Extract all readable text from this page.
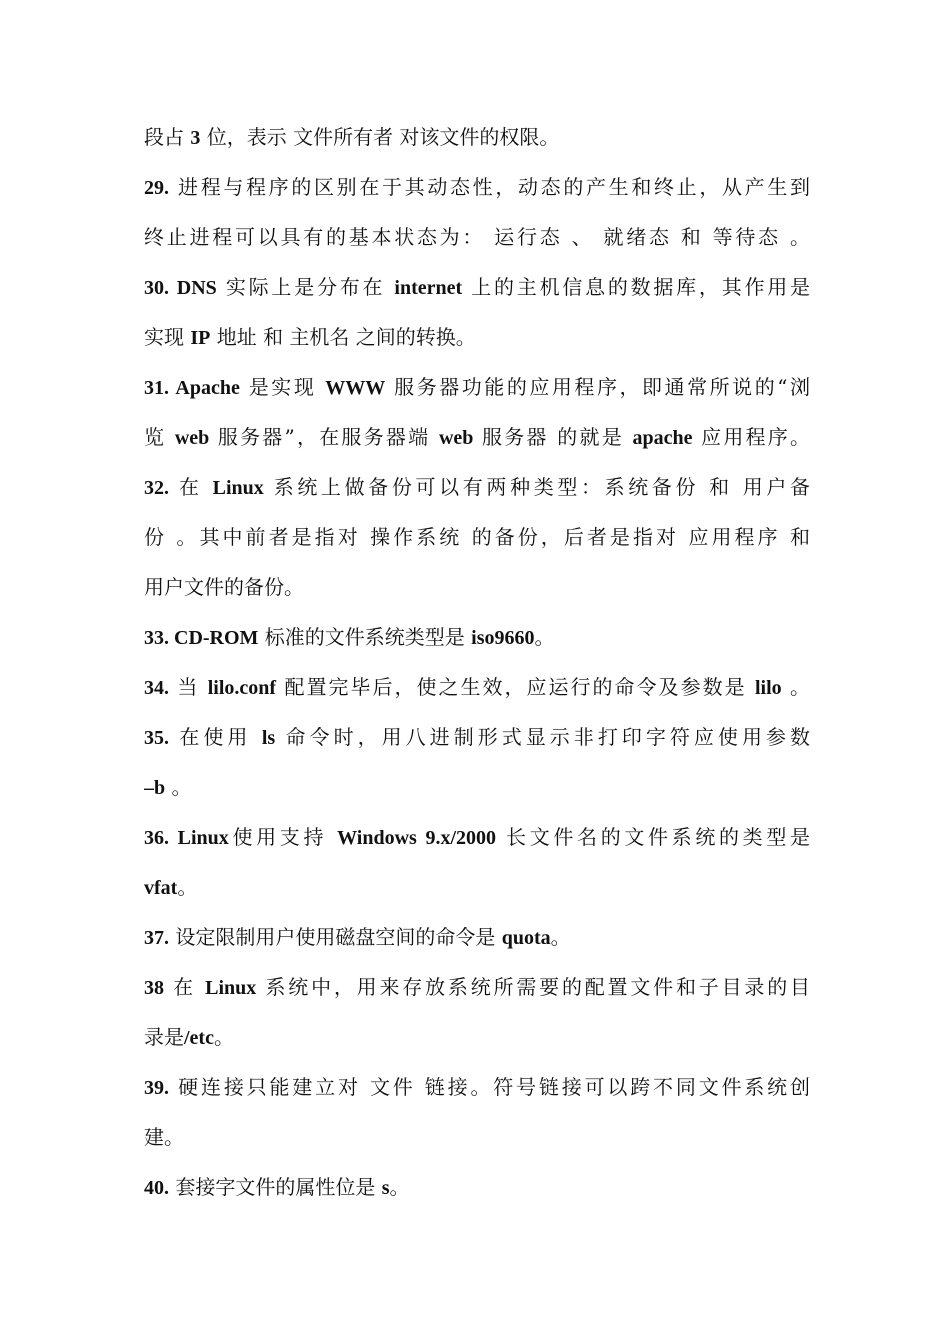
段占 3 位，表示 文件所有者 对该文件的权限。
29. 进程与程序的区别在于其动态性，动态的产生和终止，从产生到
终止进程可以具有的基本状态为： 运行态 、 就绪态 和 等待态 。
30. DNS 实际上是分布在 internet 上的主机信息的数据库，其作用是
实现 IP 地址 和 主机名 之间的转换。
31. Apache 是实现 WWW 服务器功能的应用程序，即通常所说的“浏
览 web 服务器”，在服务器端 web 服务器 的就是 apache 应用程序。
32. 在 Linux 系统上做备份可以有两种类型：系统备份 和 用户备
份 。其中前者是指对 操作系统 的备份，后者是指对 应用程序 和
用户文件的备份。
33. CD-ROM 标准的文件系统类型是 iso9660。
34. 当 lilo.conf 配置完毕后，使之生效，应运行的命令及参数是 lilo 。
35. 在使用 ls 命令时，用八进制形式显示非打印字符应使用参数
–b 。
36. Linux使用支持 Windows 9.x/2000 长文件名的文件系统的类型是
vfat。
37. 设定限制用户使用磁盘空间的命令是 quota。
38 在 Linux 系统中，用来存放系统所需要的配置文件和子目录的目
录是/etc。
39. 硬连接只能建立对 文件 链接。符号链接可以跨不同文件系统创
建。
40. 套接字文件的属性位是 s。
